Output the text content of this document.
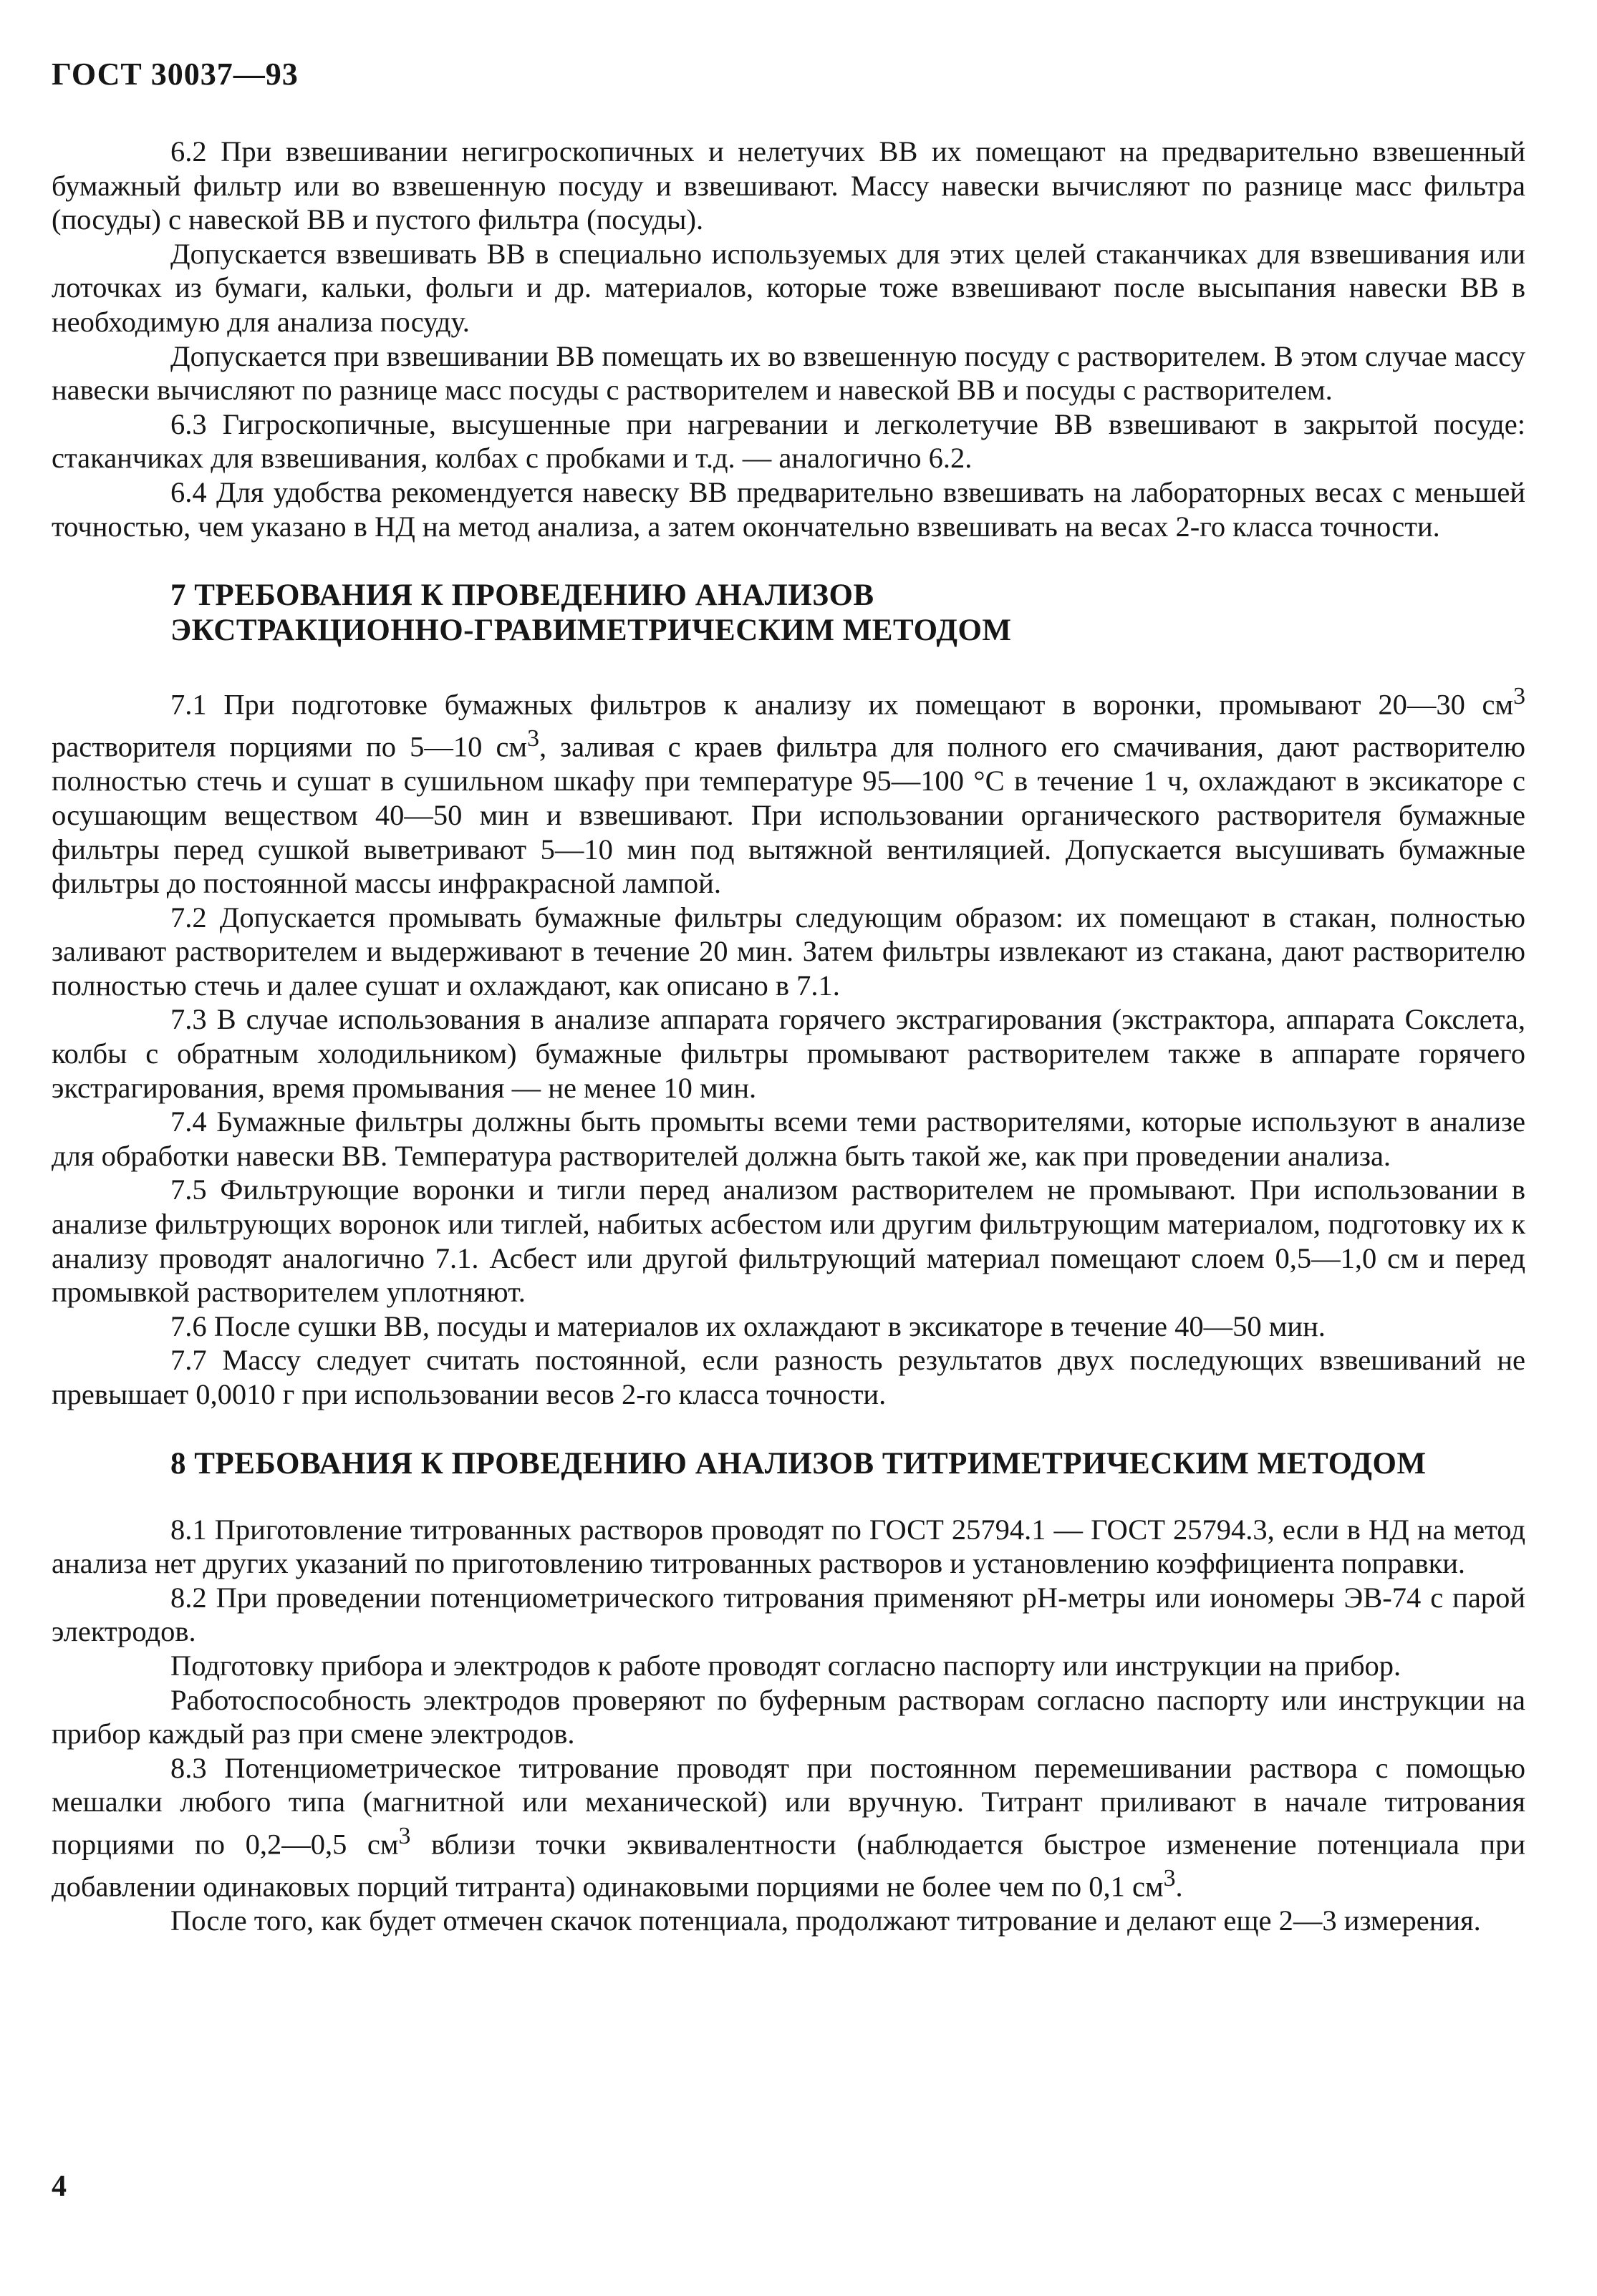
ГОСТ 30037—93

6.2 При взвешивании негигроскопичных и нелетучих ВВ их помещают на предварительно взвешенный бумажный фильтр или во взвешенную посуду и взвешивают. Массу навески вычисляют по разнице масс фильтра (посуды) с навеской ВВ и пустого фильтра (посуды).

Допускается взвешивать ВВ в специально используемых для этих целей стаканчиках для взвешивания или лоточках из бумаги, кальки, фольги и др. материалов, которые тоже взвешивают после высыпания навески ВВ в необходимую для анализа посуду.

Допускается при взвешивании ВВ помещать их во взвешенную посуду с растворителем. В этом случае массу навески вычисляют по разнице масс посуды с растворителем и навеской ВВ и посуды с растворителем.

6.3 Гигроскопичные, высушенные при нагревании и легколетучие ВВ взвешивают в закрытой посуде: стаканчиках для взвешивания, колбах с пробками и т.д. — аналогично 6.2.

6.4 Для удобства рекомендуется навеску ВВ предварительно взвешивать на лабораторных весах с меньшей точностью, чем указано в НД на метод анализа, а затем окончательно взвешивать на весах 2-го класса точности.

7 ТРЕБОВАНИЯ К ПРОВЕДЕНИЮ АНАЛИЗОВ
ЭКСТРАКЦИОННО-ГРАВИМЕТРИЧЕСКИМ МЕТОДОМ

7.1 При подготовке бумажных фильтров к анализу их помещают в воронки, промывают 20—30 $см^3$ растворителя порциями по 5—10 $см^3$, заливая с краев фильтра для полного его смачивания, дают растворителю полностью стечь и сушат в сушильном шкафу при температуре 95—100 °С в течение 1 ч, охлаждают в эксикаторе с осушающим веществом 40—50 мин и взвешивают. При использовании органического растворителя бумажные фильтры перед сушкой выветривают 5—10 мин под вытяжной вентиляцией. Допускается высушивать бумажные фильтры до постоянной массы инфракрасной лампой.

7.2 Допускается промывать бумажные фильтры следующим образом: их помещают в стакан, полностью заливают растворителем и выдерживают в течение 20 мин. Затем фильтры извлекают из стакана, дают растворителю полностью стечь и далее сушат и охлаждают, как описано в 7.1.

7.3 В случае использования в анализе аппарата горячего экстрагирования (экстрактора, аппарата Сокслета, колбы с обратным холодильником) бумажные фильтры промывают растворителем также в аппарате горячего экстрагирования, время промывания — не менее 10 мин.

7.4 Бумажные фильтры должны быть промыты всеми теми растворителями, которые используют в анализе для обработки навески ВВ. Температура растворителей должна быть такой же, как при проведении анализа.

7.5 Фильтрующие воронки и тигли перед анализом растворителем не промывают. При использовании в анализе фильтрующих воронок или тиглей, набитых асбестом или другим фильтрующим материалом, подготовку их к анализу проводят аналогично 7.1. Асбест или другой фильтрующий материал помещают слоем 0,5—1,0 см и перед промывкой растворителем уплотняют.

7.6 После сушки ВВ, посуды и материалов их охлаждают в эксикаторе в течение 40—50 мин.

7.7 Массу следует считать постоянной, если разность результатов двух последующих взвешиваний не превышает 0,0010 г при использовании весов 2-го класса точности.

8 ТРЕБОВАНИЯ К ПРОВЕДЕНИЮ АНАЛИЗОВ ТИТРИМЕТРИЧЕСКИМ МЕТОДОМ

8.1 Приготовление титрованных растворов проводят по ГОСТ 25794.1 — ГОСТ 25794.3, если в НД на метод анализа нет других указаний по приготовлению титрованных растворов и установлению коэффициента поправки.

8.2 При проведении потенциометрического титрования применяют рН-метры или иономеры ЭВ-74 с парой электродов.

Подготовку прибора и электродов к работе проводят согласно паспорту или инструкции на прибор.

Работоспособность электродов проверяют по буферным растворам согласно паспорту или инструкции на прибор каждый раз при смене электродов.

8.3 Потенциометрическое титрование проводят при постоянном перемешивании раствора с помощью мешалки любого типа (магнитной или механической) или вручную. Титрант приливают в начале титрования порциями по 0,2—0,5 $см^3$ вблизи точки эквивалентности (наблюдается быстрое изменение потенциала при добавлении одинаковых порций титранта) одинаковыми порциями не более чем по 0,1 $см^3$.

После того, как будет отмечен скачок потенциала, продолжают титрование и делают еще 2—3 измерения.

4
